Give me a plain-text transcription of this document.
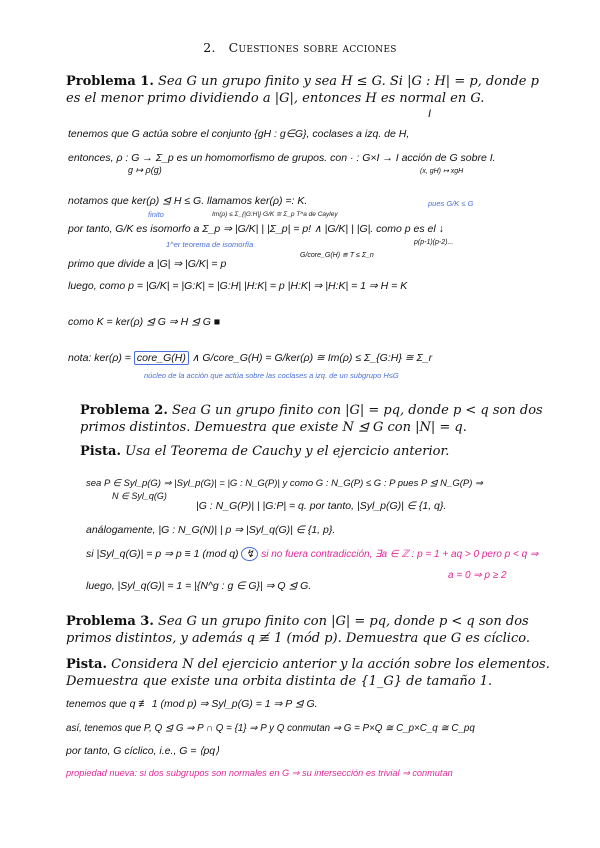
2. Cuestiones sobre acciones
Problema 1. Sea G un grupo finito y sea H ≤ G. Si |G : H| = p, donde p
es el menor primo dividiendo a |G|, entonces H es normal en G.
I
tenemos que G actúa sobre el conjunto {gH : g∈G}, coclases a izq. de H,
entonces, ρ : G → Σ_p es un homomorfismo de grupos. con · : G×I → I acción de G sobre I.
g ↦ ρ(g)	(x, gH) ↦ xgH
notamos que ker(ρ) ⊴ H ≤ G. llamamos ker(ρ) =: K.	pues G/K ≤ G
Im(ρ) ≤ Σ_{|G:H|} G/K ≅ Σ_p T^a de Cayley
finito
por tanto, G/K es isomorfo a Σ_p ⇒ |G/K| | |Σ_p| = p! ∧ |G/K| | |G|. como p es el ↓
1^er teorema de isomorfía	p(p-1)(p-2)...
primo que divide a |G| ⇒ |G/K| = p
G/core_G(H) ≅ T ≤ Σ_n
luego, como p = |G/K| = |G:K| = |G:H| |H:K| = p |H:K| ⇒ |H:K| = 1 ⇒ H = K
como K = ker(ρ) ⊴ G ⇒ H ⊴ G ■
nota: ker(ρ) = core_G(H) ∧ G/core_G(H) = G/ker(ρ) ≅ Im(ρ) ≤ Σ_{G:H} ≅ Σ_r
núcleo de la acción que actúa sobre las coclases a izq. de un subgrupo H≤G
Problema 2. Sea G un grupo finito con |G| = pq, donde p < q son dos
primos distintos. Demuestra que existe N ⊴ G con |N| = q.
Pista. Usa el Teorema de Cauchy y el ejercicio anterior.
sea P ∈ Syl_p(G) ⇒ |Syl_p(G)| = |G : N_G(P)| y como G : N_G(P) ≤ G : P pues P ⊴ N_G(P) ⇒
N ∈ Syl_q(G)
|G : N_G(P)| | |G:P| = q. por tanto, |Syl_p(G)| ∈ {1, q}.
análogamente, |G : N_G(N)| | p ⇒ |Syl_q(G)| ∈ {1, p}.
si |Syl_q(G)| = p ⇒ p ≡ 1 (mod q) ↯ si no fuera contradicción, ∃a ∈ ℤ : p = 1 + aq > 0 pero p < q ⇒
a = 0 ⇒ p ≥ 2
luego, |Syl_q(G)| = 1 = |{N^g : g ∈ G}| ⇒ Q ⊴ G.
Problema 3. Sea G un grupo finito con |G| = pq, donde p < q son dos
primos distintos, y además q ≢ 1 (mód p). Demuestra que G es cíclico.
Pista. Considera N del ejercicio anterior y la acción sobre los elementos.
Demuestra que existe una orbita distinta de {1_G} de tamaño 1.
tenemos que q ≢ 1 (mod p) ⇒ Syl_p(G) = 1 ⇒ P ⊴ G.
así, tenemos que P, Q ⊴ G ⇒ P ∩ Q = {1} ⇒ P y Q conmutan ⇒ G = P×Q ≅ C_p×C_q ≅ C_pq
por tanto, G cíclico, i.e., G = ⟨pq⟩
propiedad nueva: si dos subgrupos son normales en G ⇒ su intersección es trivial ⇒ conmutan
